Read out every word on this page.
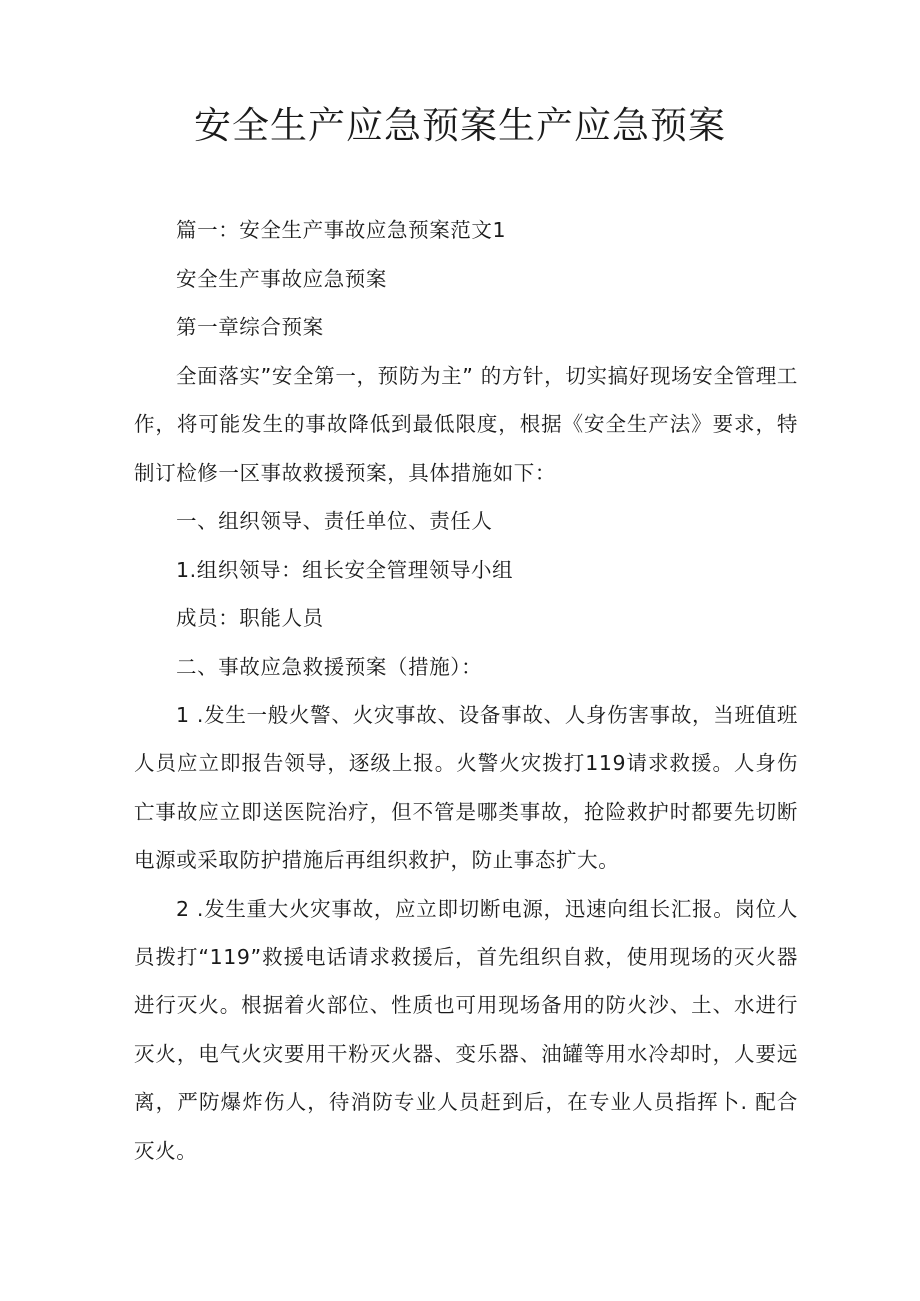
安全生产应急预案生产应急预案

篇一：安全生产事故应急预案范文1

安全生产事故应急预案

第一章综合预案

全面落实”安全第一，预防为主” 的方针，切实搞好现场安全管理工作，将可能发生的事故降低到最低限度，根据《安全生产法》要求，特制订检修一区事故救援预案，具体措施如下：

一、组织领导、责任单位、责任人

1.组织领导：组长安全管理领导小组

成员：职能人员

二、事故应急救援预案（措施）：

1 .发生一般火警、火灾事故、设备事故、人身伤害事故，当班值班人员应立即报告领导，逐级上报。火警火灾拨打119请求救援。人身伤亡事故应立即送医院治疗，但不管是哪类事故，抢险救护时都要先切断电源或采取防护措施后再组织救护，防止事态扩大。

2 .发生重大火灾事故，应立即切断电源，迅速向组长汇报。岗位人员拨打“119”救援电话请求救援后，首先组织自救，使用现场的灭火器进行灭火。根据着火部位、性质也可用现场备用的防火沙、土、水进行灭火，电气火灾要用干粉灭火器、变乐器、油罐等用水冷却时，人要远离，严防爆炸伤人，待消防专业人员赶到后，在专业人员指挥卜. 配合灭火。
